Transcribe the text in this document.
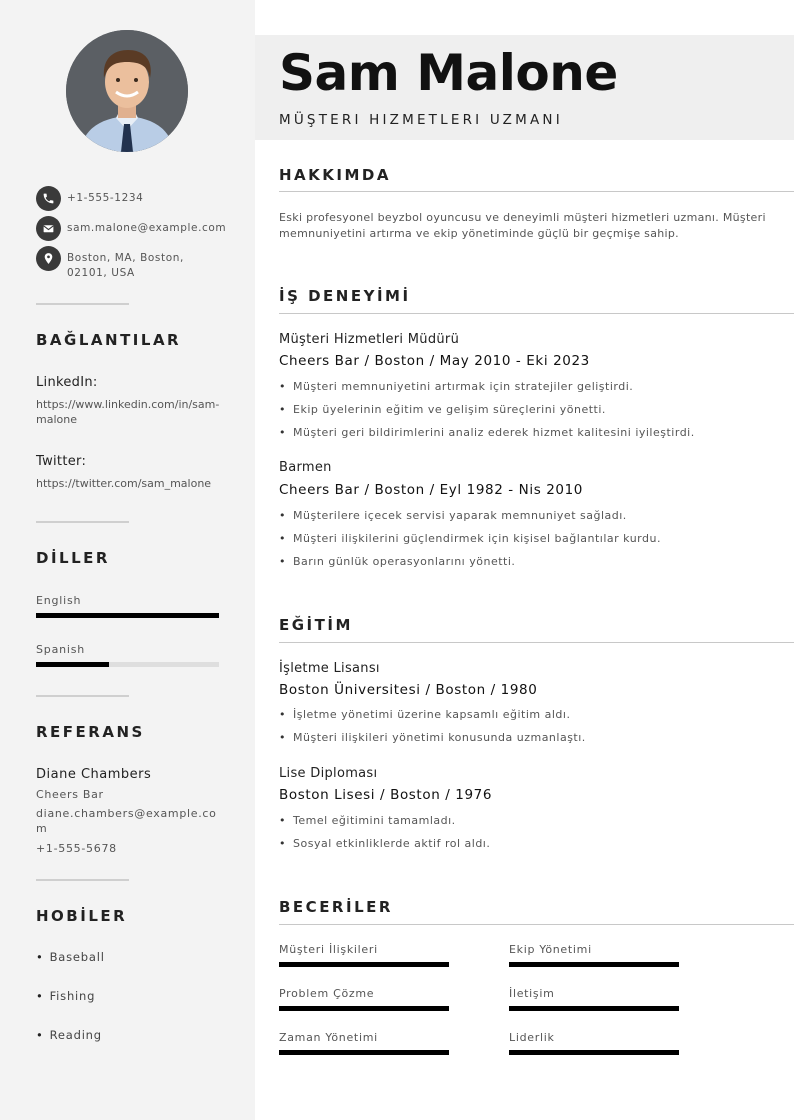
+1-555-1234
sam.malone@example.com
Boston, MA, Boston, 02101, USA
BAĞLANTILAR
LinkedIn:
https://www.linkedin.com/in/sam-malone
Twitter:
https://twitter.com/sam_malone
DİLLER
English
Spanish
REFERANS
Diane Chambers
Cheers Bar
diane.chambers@example.com
+1-555-5678
HOBİLER
• Baseball
• Fishing
• Reading
Sam Malone
MÜŞTERI HIZMETLERI UZMANI
HAKKIMDA
Eski profesyonel beyzbol oyuncusu ve deneyimli müşteri hizmetleri uzmanı. Müşteri memnuniyetini artırma ve ekip yönetiminde güçlü bir geçmişe sahip.
İŞ DENEYİMİ
Müşteri Hizmetleri Müdürü
Cheers Bar / Boston / May 2010 - Eki 2023
• Müşteri memnuniyetini artırmak için stratejiler geliştirdi.
• Ekip üyelerinin eğitim ve gelişim süreçlerini yönetti.
• Müşteri geri bildirimlerini analiz ederek hizmet kalitesini iyileştirdi.
Barmen
Cheers Bar / Boston / Eyl 1982 - Nis 2010
• Müşterilere içecek servisi yaparak memnuniyet sağladı.
• Müşteri ilişkilerini güçlendirmek için kişisel bağlantılar kurdu.
• Barın günlük operasyonlarını yönetti.
EĞİTİM
İşletme Lisansı
Boston Üniversitesi / Boston / 1980
• İşletme yönetimi üzerine kapsamlı eğitim aldı.
• Müşteri ilişkileri yönetimi konusunda uzmanlaştı.
Lise Diploması
Boston Lisesi / Boston / 1976
• Temel eğitimini tamamladı.
• Sosyal etkinliklerde aktif rol aldı.
BECERİLER
Müşteri İlişkileri	Ekip Yönetimi
Problem Çözme	İletişim
Zaman Yönetimi	Liderlik
